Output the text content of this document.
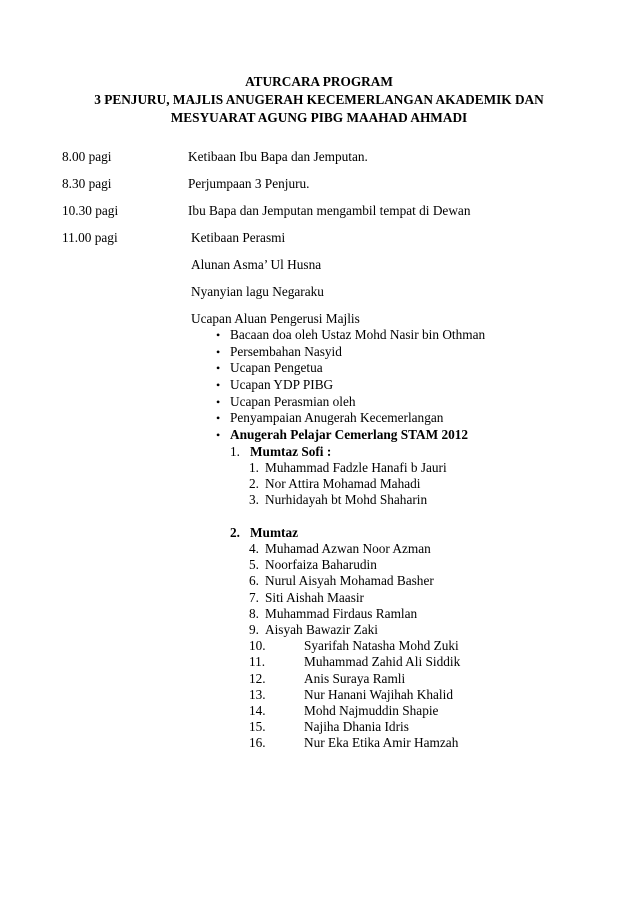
ATURCARA PROGRAM
3 PENJURU, MAJLIS ANUGERAH KECEMERLANGAN AKADEMIK DAN
MESYUARAT AGUNG PIBG MAAHAD AHMADI
8.00 pagi	Ketibaan Ibu Bapa dan Jemputan.
8.30 pagi	Perjumpaan 3 Penjuru.
10.30 pagi	Ibu Bapa dan Jemputan mengambil tempat di Dewan
11.00 pagi	Ketibaan Perasmi
Alunan Asma’ Ul Husna
Nyanyian lagu Negaraku
Ucapan Aluan Pengerusi Majlis
• Bacaan doa oleh Ustaz Mohd Nasir bin Othman
• Persembahan Nasyid
• Ucapan Pengetua
• Ucapan YDP PIBG
• Ucapan Perasmian oleh
• Penyampaian Anugerah Kecemerlangan
• Anugerah Pelajar Cemerlang STAM 2012
1. Mumtaz Sofi :
1. Muhammad Fadzle Hanafi b Jauri
2. Nor Attira Mohamad Mahadi
3. Nurhidayah bt Mohd Shaharin
2. Mumtaz
4. Muhamad Azwan Noor Azman
5. Noorfaiza Baharudin
6. Nurul Aisyah Mohamad Basher
7. Siti Aishah Maasir
8. Muhammad Firdaus Ramlan
9. Aisyah Bawazir Zaki
10.	Syarifah Natasha Mohd Zuki
11.	Muhammad Zahid Ali Siddik
12.	Anis Suraya Ramli
13.	Nur Hanani Wajihah Khalid
14.	Mohd Najmuddin Shapie
15.	Najiha Dhania Idris
16.	Nur Eka Etika Amir Hamzah
